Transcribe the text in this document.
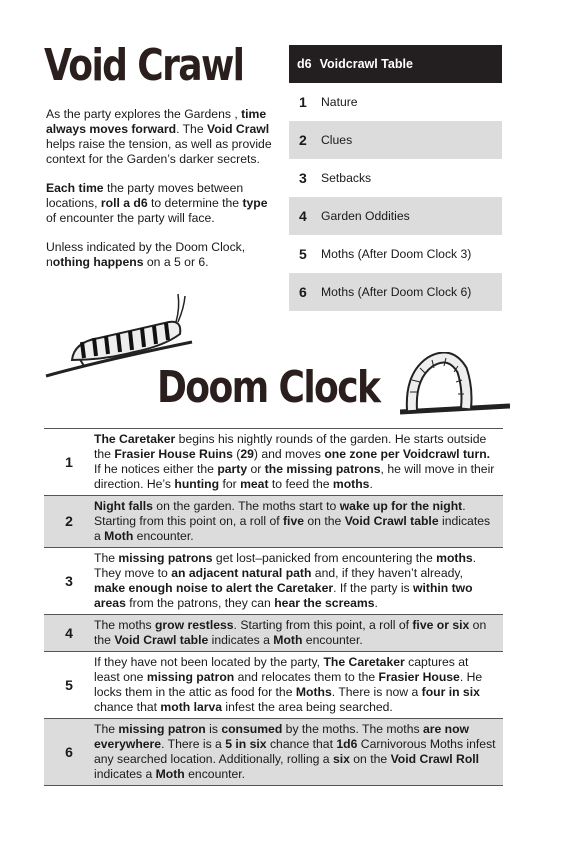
Void Crawl

As the party explores the Gardens , time always moves forward. The Void Crawl helps raise the tension, as well as provide context for the Garden’s darker secrets.

Each time the party moves between locations, roll a d6 to determine the type of encounter the party will face.

Unless indicated by the Doom Clock, nothing happens on a 5 or 6.

d6 Voidcrawl Table
1	Nature
2	Clues
3	Setbacks
4	Garden Oddities
5	Moths (After Doom Clock 3)
6	Moths (After Doom Clock 6)
Doom Clock
1
The Caretaker begins his nightly rounds of the garden. He starts outside the Frasier House Ruins (29) and moves one zone per Voidcrawl turn. If he notices either the party or the missing patrons, he will move in their direction. He’s hunting for meat to feed the moths.
2
Night falls on the garden. The moths start to wake up for the night. Starting from this point on, a roll of five on the Void Crawl table indicates a Moth encounter.
3
The missing patrons get lost–panicked from encountering the moths. They move to an adjacent natural path and, if they haven’t already, make enough noise to alert the Caretaker. If the party is within two areas from the patrons, they can hear the screams.
4	The moths grow restless. Starting from this point, a roll of five or six on the Void Crawl table indicates a Moth encounter.
5
If they have not been located by the party, The Caretaker captures at least one missing patron and relocates them to the Frasier House. He locks them in the attic as food for the Moths. There is now a four in six chance that moth larva infest the area being searched.
6
The missing patron is consumed by the moths. The moths are now everywhere. There is a 5 in six chance that 1d6 Carnivorous Moths infest any searched location. Additionally, rolling a six on the Void Crawl Roll indicates a Moth encounter.
